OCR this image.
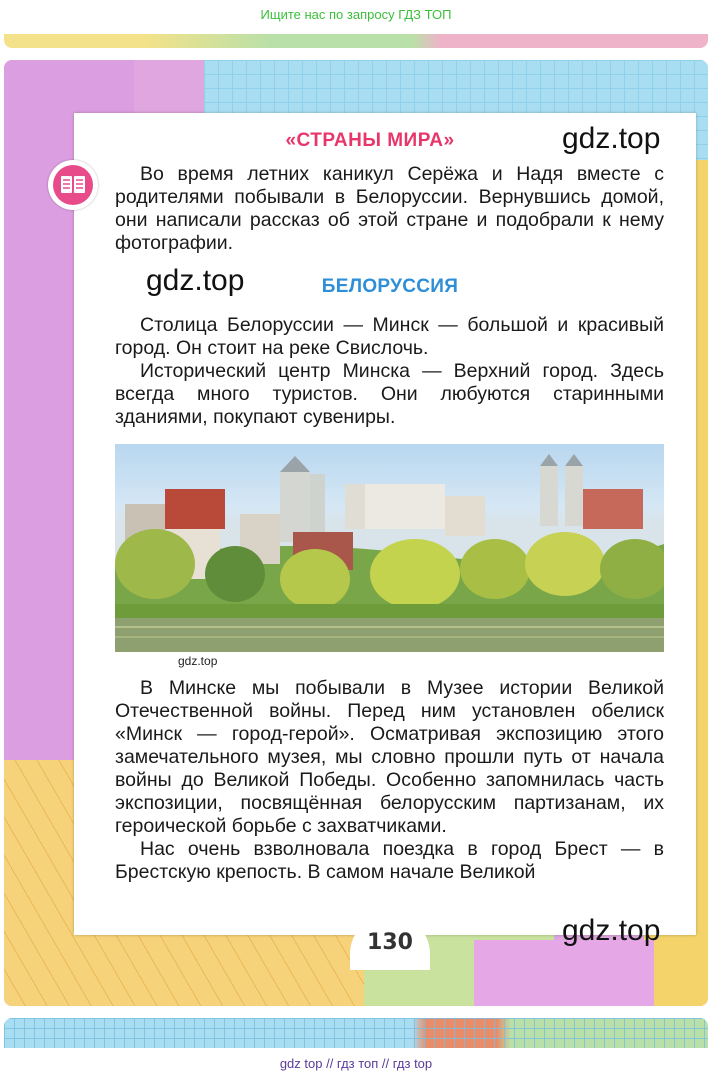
Ищите нас по запросу ГДЗ ТОП
«СТРАНЫ МИРА»	gdz.top

Во время летних каникул Серёжа и Надя вместе с родителями побывали в Белоруссии. Вернувшись домой, они написали рассказ об этой стране и подобрали к нему фотографии.

gdz.top	БЕЛОРУССИЯ

Столица Белоруссии — Минск — большой и красивый город. Он стоит на реке Свислочь.

Исторический центр Минска — Верхний город. Здесь всегда много туристов. Они любуются старинными зданиями, покупают сувениры.

gdz.top

В Минске мы побывали в Музее истории Великой Отечественной войны. Перед ним установлен обелиск «Минск — город-герой». Осматривая экспозицию этого замечательного музея, мы словно прошли путь от начала войны до Великой Победы. Особенно запомнилась часть экспозиции, посвящённая белорусским партизанам, их героической борьбе с захватчиками.

Нас очень взволновала поездка в город Брест — в Брестскую крепость. В самом начале Великой

130	gdz.top
gdz top // гдз топ // гдз top
